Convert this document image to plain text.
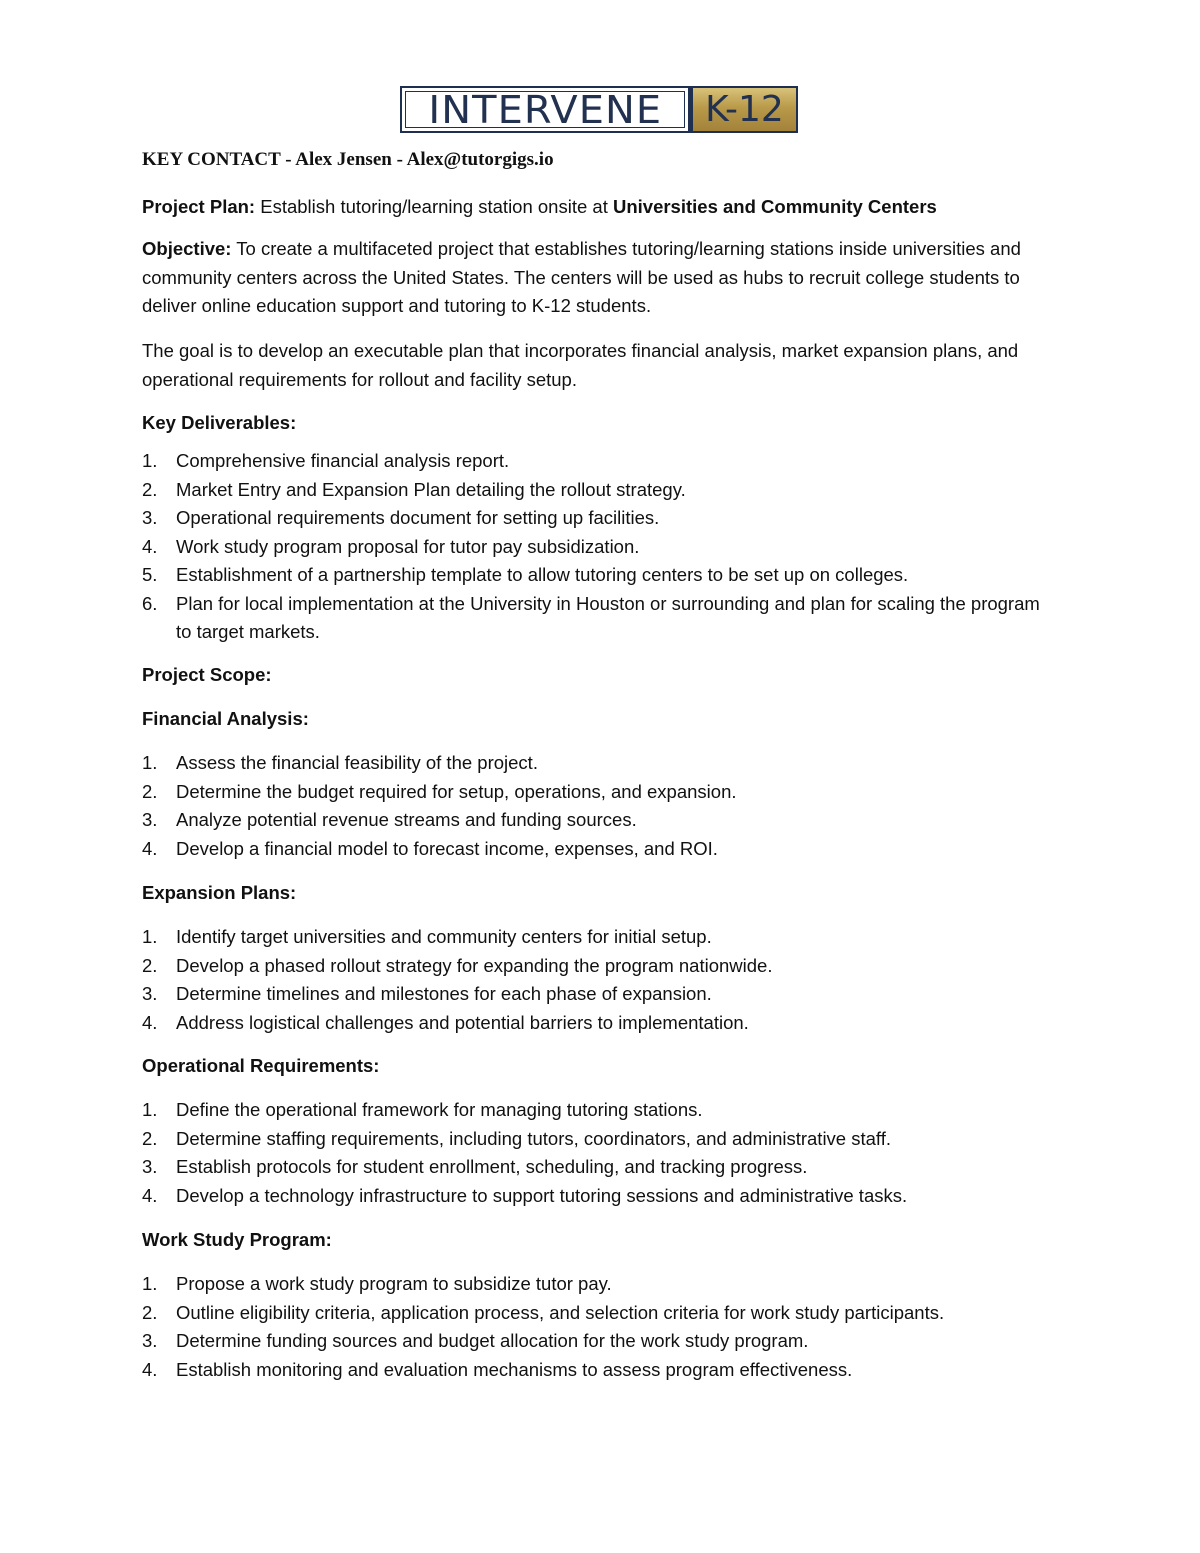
INTERVENE K-12
KEY CONTACT - Alex Jensen - Alex@tutorgigs.io

Project Plan: Establish tutoring/learning station onsite at Universities and Community Centers

Objective: To create a multifaceted project that establishes tutoring/learning stations inside universities and community centers across the United States. The centers will be used as hubs to recruit college students to deliver online education support and tutoring to K-12 students.

The goal is to develop an executable plan that incorporates financial analysis, market expansion plans, and operational requirements for rollout and facility setup.

Key Deliverables:
1. Comprehensive financial analysis report.
2. Market Entry and Expansion Plan detailing the rollout strategy.
3. Operational requirements document for setting up facilities.
4. Work study program proposal for tutor pay subsidization.
5. Establishment of a partnership template to allow tutoring centers to be set up on colleges.
6. Plan for local implementation at the University in Houston or surrounding and plan for scaling the program to target markets.
Project Scope:
Financial Analysis:
1. Assess the financial feasibility of the project.
2. Determine the budget required for setup, operations, and expansion.
3. Analyze potential revenue streams and funding sources.
4. Develop a financial model to forecast income, expenses, and ROI.
Expansion Plans:
1. Identify target universities and community centers for initial setup.
2. Develop a phased rollout strategy for expanding the program nationwide.
3. Determine timelines and milestones for each phase of expansion.
4. Address logistical challenges and potential barriers to implementation.
Operational Requirements:
1. Define the operational framework for managing tutoring stations.
2. Determine staffing requirements, including tutors, coordinators, and administrative staff.
3. Establish protocols for student enrollment, scheduling, and tracking progress.
4. Develop a technology infrastructure to support tutoring sessions and administrative tasks.
Work Study Program:
1. Propose a work study program to subsidize tutor pay.
2. Outline eligibility criteria, application process, and selection criteria for work study participants.
3. Determine funding sources and budget allocation for the work study program.
4. Establish monitoring and evaluation mechanisms to assess program effectiveness.
